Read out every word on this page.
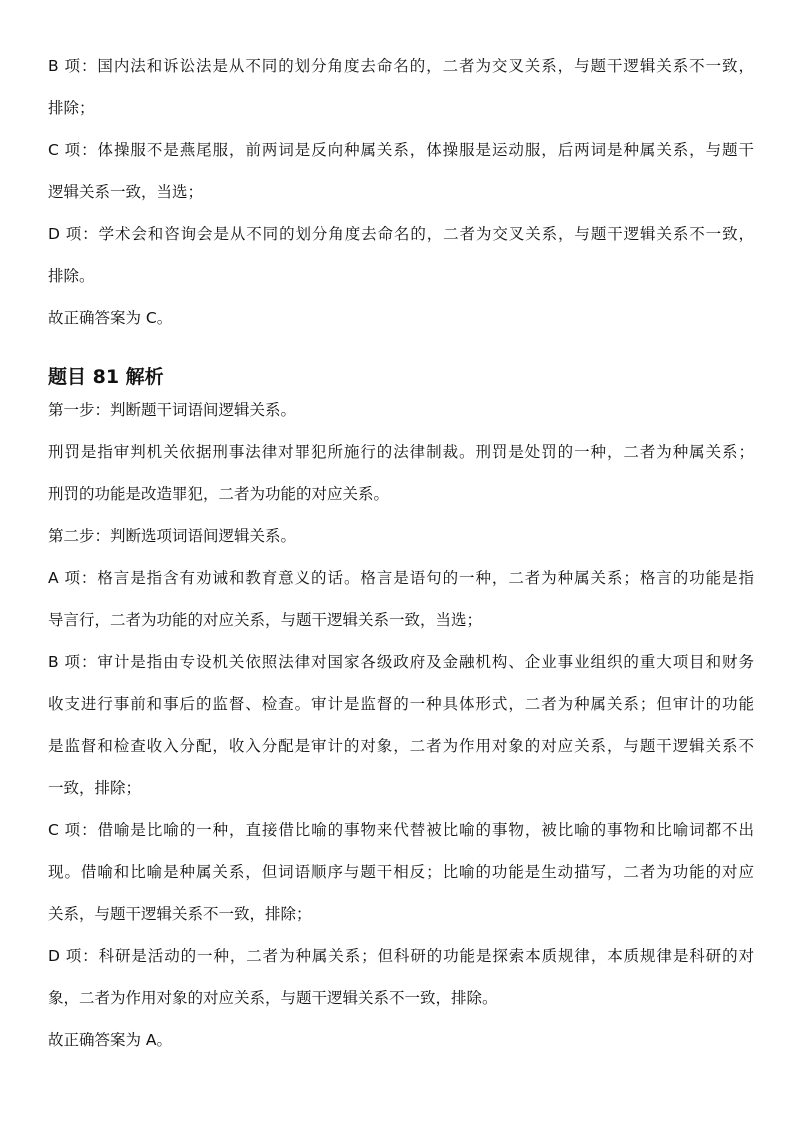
B 项：国内法和诉讼法是从不同的划分角度去命名的，二者为交叉关系，与题干逻辑关系不一致，
排除；
C 项：体操服不是燕尾服，前两词是反向种属关系，体操服是运动服，后两词是种属关系，与题干
逻辑关系一致，当选；
D 项：学术会和咨询会是从不同的划分角度去命名的，二者为交叉关系，与题干逻辑关系不一致，
排除。
故正确答案为 C。
题目 81 解析
第一步：判断题干词语间逻辑关系。
刑罚是指审判机关依据刑事法律对罪犯所施行的法律制裁。刑罚是处罚的一种，二者为种属关系；
刑罚的功能是改造罪犯，二者为功能的对应关系。
第二步：判断选项词语间逻辑关系。
A 项：格言是指含有劝诫和教育意义的话。格言是语句的一种，二者为种属关系；格言的功能是指
导言行，二者为功能的对应关系，与题干逻辑关系一致，当选；
B 项：审计是指由专设机关依照法律对国家各级政府及金融机构、企业事业组织的重大项目和财务
收支进行事前和事后的监督、检查。审计是监督的一种具体形式，二者为种属关系；但审计的功能
是监督和检查收入分配，收入分配是审计的对象，二者为作用对象的对应关系，与题干逻辑关系不
一致，排除；
C 项：借喻是比喻的一种，直接借比喻的事物来代替被比喻的事物，被比喻的事物和比喻词都不出
现。借喻和比喻是种属关系，但词语顺序与题干相反；比喻的功能是生动描写，二者为功能的对应
关系，与题干逻辑关系不一致，排除；
D 项：科研是活动的一种，二者为种属关系；但科研的功能是探索本质规律，本质规律是科研的对
象，二者为作用对象的对应关系，与题干逻辑关系不一致，排除。
故正确答案为 A。
